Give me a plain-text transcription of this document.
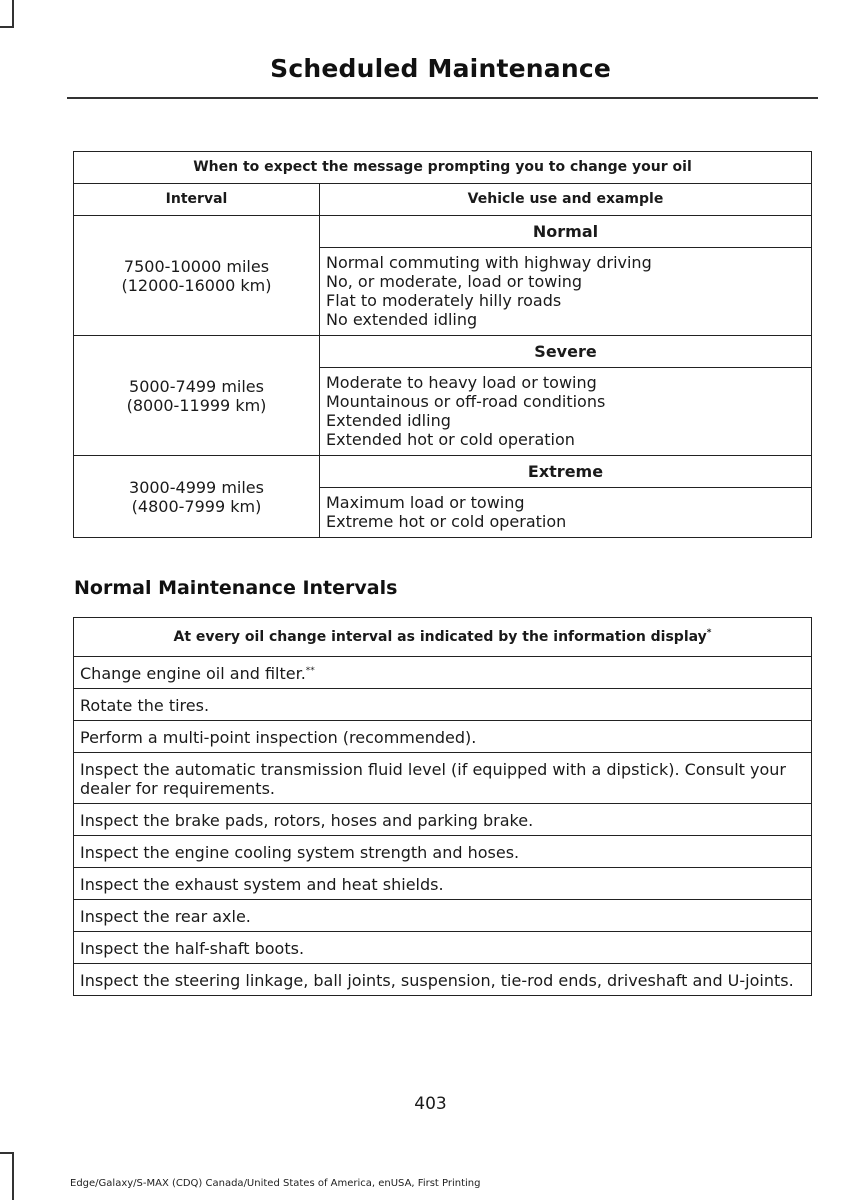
Scheduled Maintenance
When to expect the message prompting you to change your oil	
Interval	Vehicle use and example

7500-10000 miles
(12000-16000 km)	Normal

	Normal commuting with highway driving
No, or moderate, load or towing
Flat to moderately hilly roads
No extended idling

5000-7499 miles
(8000-11999 km)	Severe

	Moderate to heavy load or towing
Mountainous or off-road conditions
Extended idling
Extended hot or cold operation

3000-4999 miles
(4800-7999 km)	Extreme

	Maximum load or towing
Extreme hot or cold operation
Normal Maintenance Intervals
At every oil change interval as indicated by the information display*
Change engine oil and filter.**
Rotate the tires.
Perform a multi-point inspection (recommended).
Inspect the automatic transmission fluid level (if equipped with a dipstick). Consult your dealer for requirements.
Inspect the brake pads, rotors, hoses and parking brake.
Inspect the engine cooling system strength and hoses.
Inspect the exhaust system and heat shields.
Inspect the rear axle.
Inspect the half-shaft boots.
Inspect the steering linkage, ball joints, suspension, tie-rod ends, driveshaft and U-joints.
403
Edge/Galaxy/S-MAX (CDQ) Canada/United States of America, enUSA, First Printing
